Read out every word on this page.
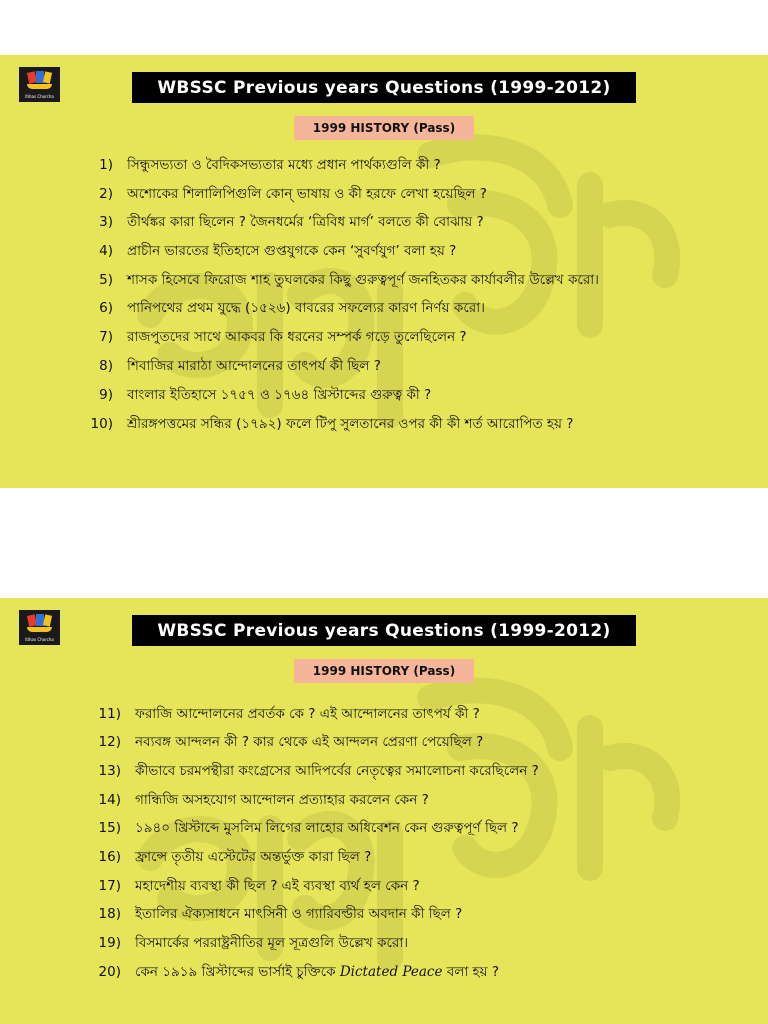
Itihas Chorcha	WBSSC Previous years Questions (1999-2012)
1999 HISTORY (Pass)
1)	সিন্ধুসভ্যতা ও বৈদিকসভ্যতার মধ্যে প্রধান পার্থক্যগুলি কী ?
2)	অশোকের শিলালিপিগুলি কোন্ ভাষায় ও কী হরফে লেখা হয়েছিল ?
3)	তীর্থঙ্কর কারা ছিলেন ? জৈনধর্মের ‘ত্রিবিধ মার্গ’ বলতে কী বোঝায় ?
4)	প্রাচীন ভারতের ইতিহাসে গুপ্তযুগকে কেন ‘সুবর্ণযুগ’ বলা হয় ?
5)	শাসক হিসেবে ফিরোজ শাহ তুঘলকের কিছু গুরুত্বপূর্ণ জনহিতকর কার্যাবলীর উল্লেখ করো।
6)	পানিপথের প্রথম যুদ্ধে (১৫২৬) বাবরের সফল্যের কারণ নির্ণয় করো।
7)	রাজপুতদের সাথে আকবর কি ধরনের সম্পর্ক গড়ে তুলেছিলেন ?
8)	শিবাজির মারাঠা আন্দোলনের তাৎপর্য কী ছিল ?
9)	বাংলার ইতিহাসে ১৭৫৭ ও ১৭৬৪ খ্রিস্টাব্দের গুরুত্ব কী ?
10)	শ্রীরঙ্গপত্তমের সন্ধির (১৭৯২) ফলে টিপু সুলতানের ওপর কী কী শর্ত আরোপিত হয় ?
Itihas Chorcha	WBSSC Previous years Questions (1999-2012)
1999 HISTORY (Pass)
11)	ফরাজি আন্দোলনের প্রবর্তক কে ? এই আন্দোলনের তাৎপর্য কী ?
12)	নব্যবঙ্গ আন্দলন কী ? কার থেকে এই আন্দলন প্রেরণা পেয়েছিল ?
13)	কীভাবে চরমপন্থীরা কংগ্রেসের আদিপর্বের নেতৃত্বের সমালোচনা করেছিলেন ?
14)	গান্ধিজি অসহযোগ আন্দোলন প্রত্যাহার করলেন কেন ?
15)	১৯৪০ খ্রিস্টাব্দে মুসলিম লিগের লাহোর অধিবেশন কেন গুরুত্বপূর্ণ ছিল ?
16)	ফ্রান্সে তৃতীয় এস্টেটের অন্তর্ভুক্ত কারা ছিল ?
17)	মহাদেশীয় ব্যবস্থা কী ছিল ? এই ব্যবস্থা ব্যর্থ হল কেন ?
18)	ইতালির ঐক্যসাধনে মাৎসিনী ও গ্যারিবল্ডীর অবদান কী ছিল ?
19)	বিসমার্কের পররাষ্ট্রনীতির মূল সূত্রগুলি উল্লেখ করো।
20)	কেন ১৯১৯ খ্রিস্টাব্দের ভার্সাই চুক্তিকে Dictated Peace বলা হয় ?
